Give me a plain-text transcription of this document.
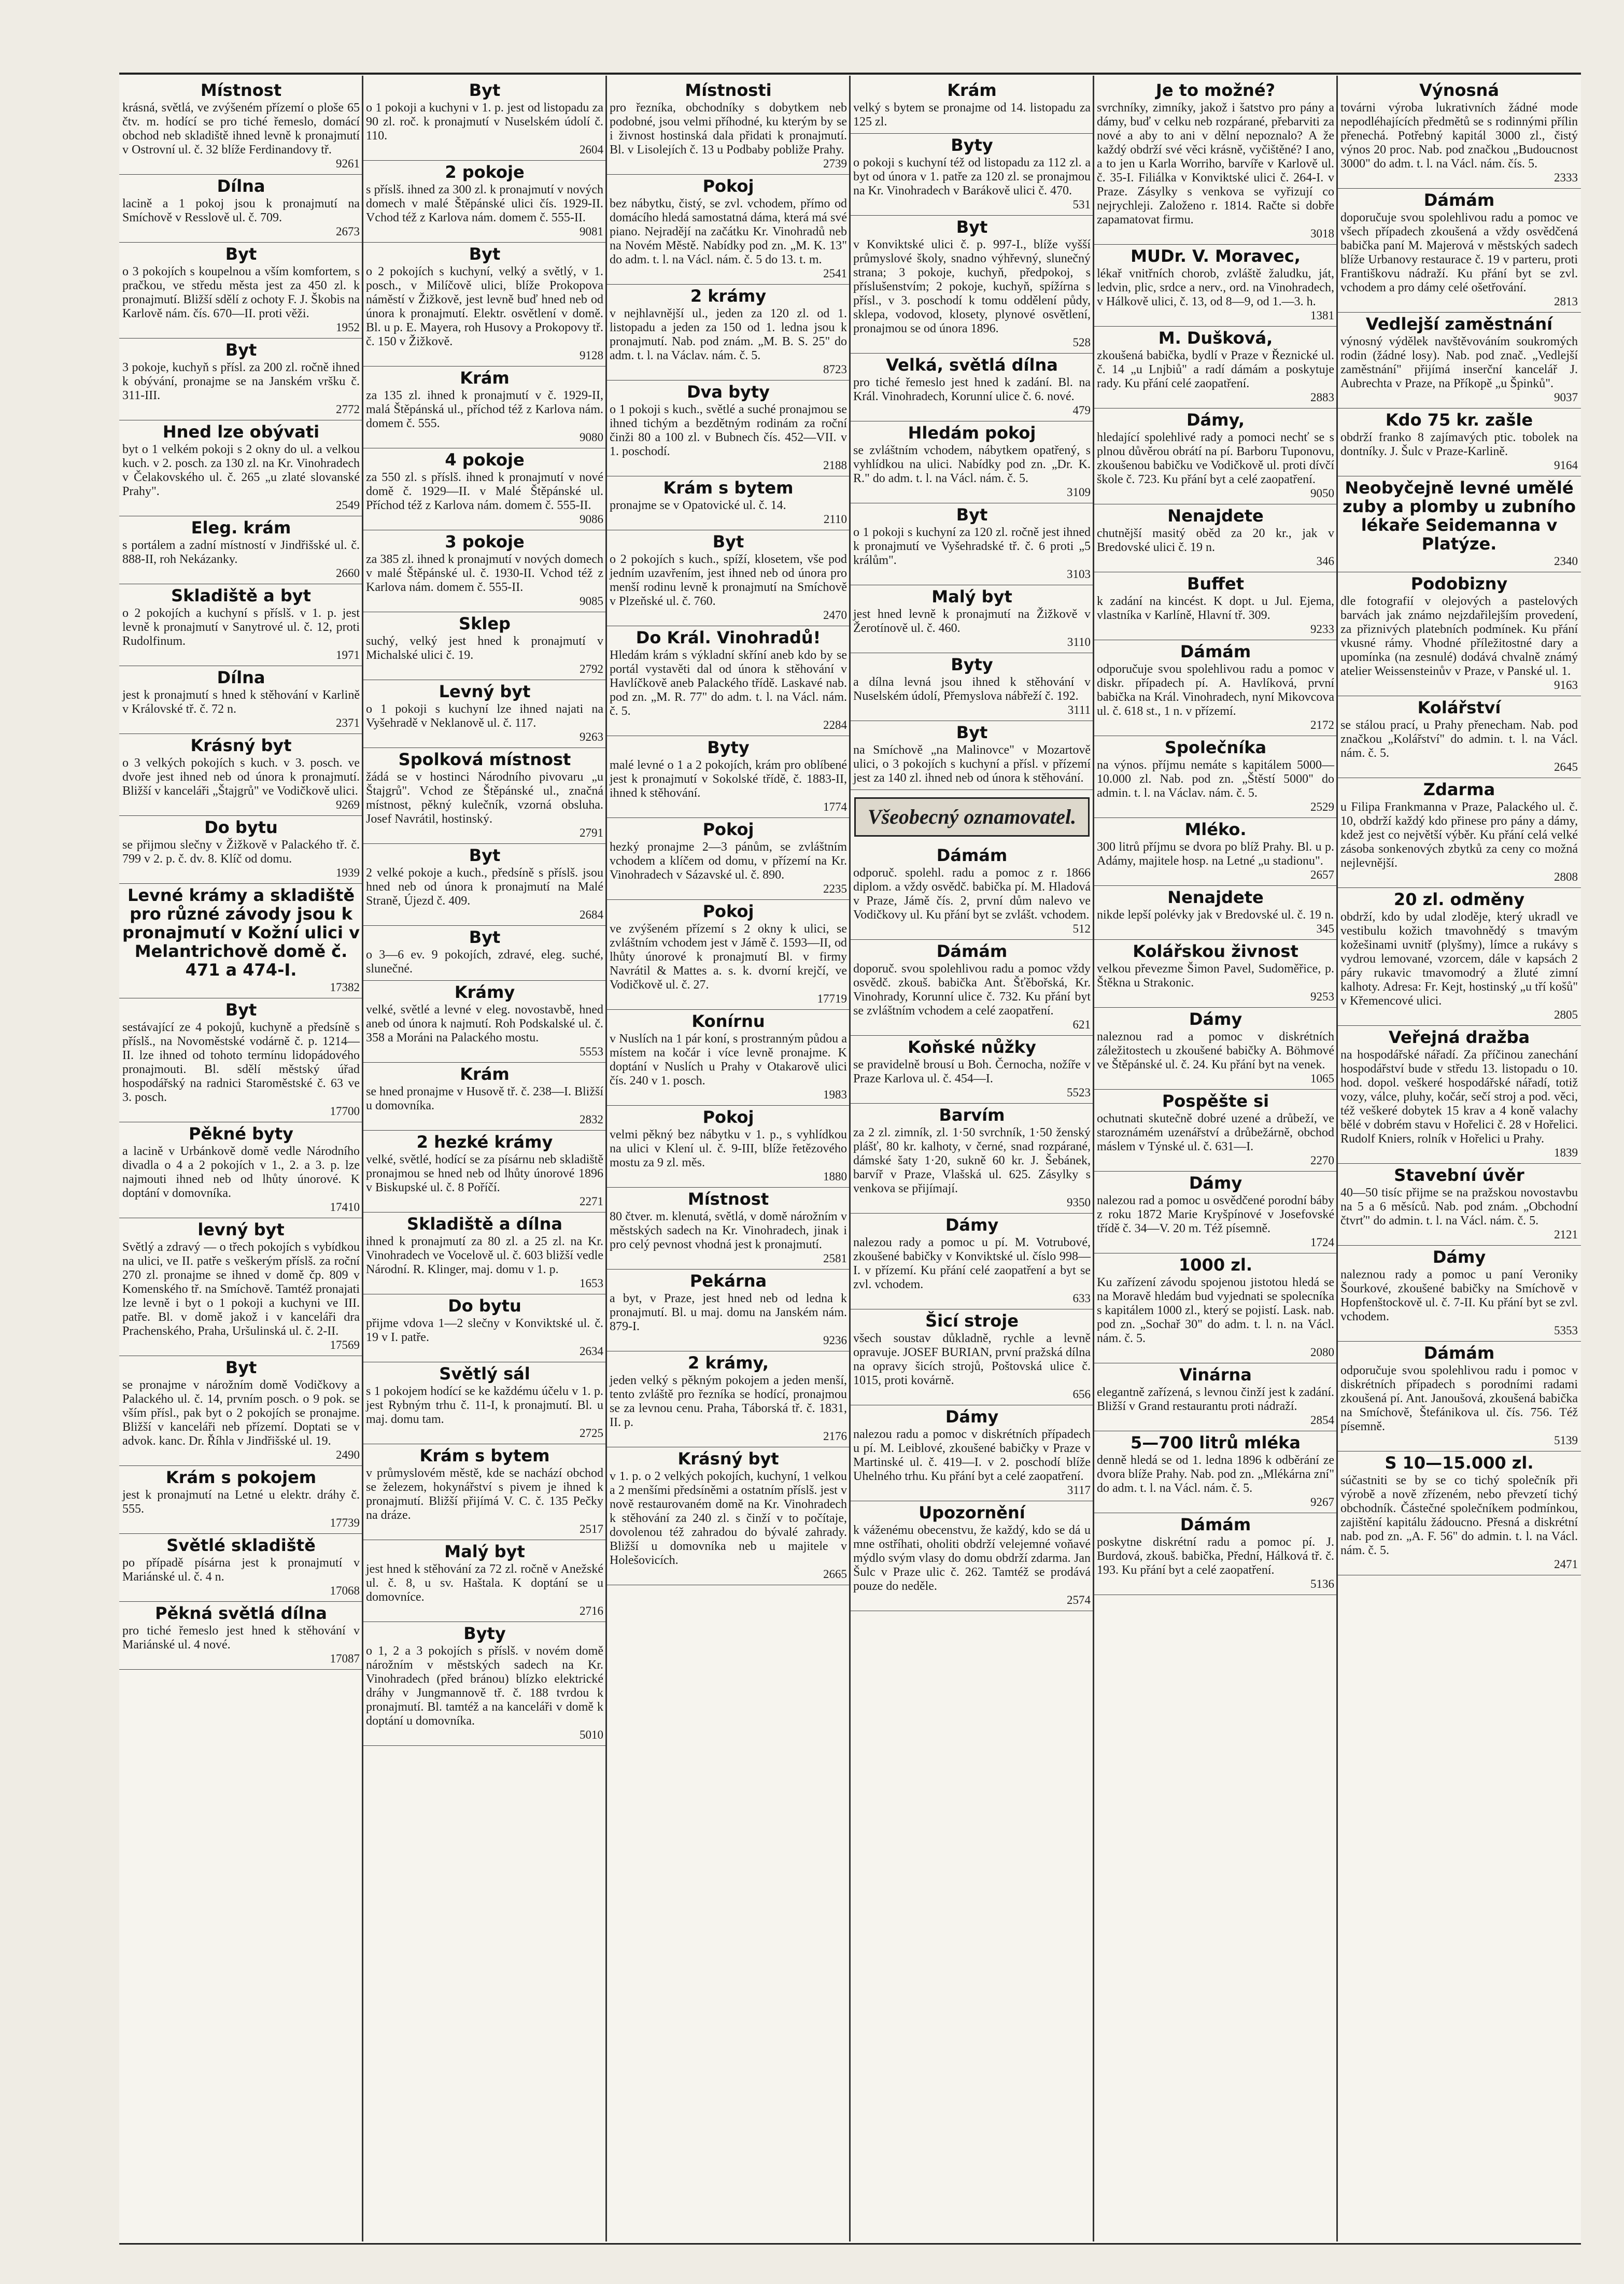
Místnost

krásná, světlá, ve zvýšeném přízemí o ploše 65 čtv. m. hodící se pro tiché řemeslo, domácí obchod neb skladiště ihned levně k pronajmutí v Ostrovní ul. č. 32 blíže Ferdinandovy tř.

9261
Dílna

lacině a 1 pokoj jsou k pronajmutí na Smíchově v Resslově ul. č. 709.

2673
Byt

o 3 pokojích s koupelnou a vším komfortem, s pračkou, ve středu města jest za 450 zl. k pronajmutí. Bližší sdělí z ochoty F. J. Škobis na Karlově nám. čís. 670—II. proti věži.

1952
Byt

3 pokoje, kuchyň s přísl. za 200 zl. ročně ihned k obývání, pronajme se na Janském vršku č. 311-III.

2772
Hned lze obývati

byt o 1 velkém pokoji s 2 okny do ul. a velkou kuch. v 2. posch. za 130 zl. na Kr. Vinohradech v Čelakovského ul. č. 265 „u zlaté slovanské Prahy".

2549
Eleg. krám

s portálem a zadní místností v Jindřišské ul. č. 888-II, roh Nekázanky.

2660
Skladiště a byt

o 2 pokojích a kuchyní s příslš. v 1. p. jest levně k pronajmutí v Sanytrové ul. č. 12, proti Rudolfinum.

1971
Dílna

jest k pronajmutí s hned k stěhování v Karlině v Královské tř. č. 72 n.

2371
Krásný byt

o 3 velkých pokojích s kuch. v 3. posch. ve dvoře jest ihned neb od února k pronajmutí. Bližší v kanceláři „Štajgrů" ve Vodičkově ulici.

9269
Do bytu

se přijmou slečny v Žižkově v Palackého tř. č. 799 v 2. p. č. dv. 8. Klíč od domu.

1939
Levné krámy a skladiště pro různé závody jsou k pronajmutí v Kožní ulici v Melantrichově domě č. 471 a 474-I.
17382
Byt

sestávající ze 4 pokojů, kuchyně a předsíně s příslš., na Novoměstské vodárně č. p. 1214—II. lze ihned od tohoto termínu lidopádového pronajmouti. Bl. sdělí městský úřad hospodářský na radnici Staroměstské č. 63 ve 3. posch.

17700
Pěkné byty

a lacině v Urbánkově domě vedle Národního divadla o 4 a 2 pokojích v 1., 2. a 3. p. lze najmouti ihned neb od lhůty únorové. K doptání v domovníka.

17410
levný byt

Světlý a zdravý — o třech pokojích s vybídkou na ulici, ve II. patře s veškerým příslš. za roční 270 zl. pronajme se ihned v domě čp. 809 v Komenského tř. na Smíchově. Tamtéž pronajati lze levně i byt o 1 pokoji a kuchyni ve III. patře. Bl. v domě jakož i v kanceláři dra Prachenského, Praha, Uršulinská ul. č. 2-II.

17569
Byt

se pronajme v nárožním domě Vodičkovy a Palackého ul. č. 14, prvním posch. o 9 pok. se vším přísl., pak byt o 2 pokojích se pronajme. Bližší v kanceláři neb přízemí. Doptati se v advok. kanc. Dr. Říhla v Jindřišské ul. 19.

2490
Krám s pokojem

jest k pronajmutí na Letné u elektr. dráhy č. 555.

17739
Světlé skladiště

po případě písárna jest k pronajmutí v Mariánské ul. č. 4 n.

17068
Pěkná světlá dílna

pro tiché řemeslo jest hned k stěhování v Mariánské ul. 4 nové.

17087
Byt

o 1 pokoji a kuchyni v 1. p. jest od listopadu za 90 zl. roč. k pronajmutí v Nuselském údolí č. 110.

2604
2 pokoje

s příslš. ihned za 300 zl. k pronajmutí v nových domech v malé Štěpánské ulici čís. 1929-II. Vchod též z Karlova nám. domem č. 555-II.

9081
Byt

o 2 pokojích s kuchyní, velký a světlý, v 1. posch., v Milíčově ulici, blíže Prokopova náměstí v Žižkově, jest levně buď hned neb od února k pronajmutí. Elektr. osvětlení v domě. Bl. u p. E. Mayera, roh Husovy a Prokopovy tř. č. 150 v Žižkově.

9128
Krám

za 135 zl. ihned k pronajmutí v č. 1929-II, malá Štěpánská ul., příchod též z Karlova nám. domem č. 555.

9080
4 pokoje

za 550 zl. s příslš. ihned k pronajmutí v nové domě č. 1929—II. v Malé Štěpánské ul. Příchod též z Karlova nám. domem č. 555-II.

9086
3 pokoje

za 385 zl. ihned k pronajmutí v nových domech v malé Štěpánské ul. č. 1930-II. Vchod též z Karlova nám. domem č. 555-II.

9085
Sklep

suchý, velký jest hned k pronajmutí v Michalské ulici č. 19.

2792
Levný byt

o 1 pokoji s kuchyní lze ihned najati na Vyšehradě v Neklanově ul. č. 117.

9263
Spolková místnost

žádá se v hostinci Národního pivovaru „u Štajgrů". Vchod ze Štěpánské ul., značná místnost, pěkný kulečník, vzorná obsluha. Josef Navrátil, hostinský.

2791
Byt

2 velké pokoje a kuch., předsíně s příslš. jsou hned neb od února k pronajmutí na Malé Straně, Újezd č. 409.

2684
Byt

o 3—6 ev. 9 pokojích, zdravé, eleg. suché, slunečné.

Krámy

velké, světlé a levné v eleg. novostavbě, hned aneb od února k najmutí. Roh Podskalské ul. č. 358 a Moráni na Palackého mostu.

5553
Krám

se hned pronajme v Husově tř. č. 238—I. Bližší u domovníka.

2832
2 hezké krámy

velké, světlé, hodící se za písárnu neb skladiště pronajmou se hned neb od lhůty únorové 1896 v Biskupské ul. č. 8 Poříčí.

2271
Skladiště a dílna

ihned k pronajmutí za 80 zl. a 25 zl. na Kr. Vinohradech ve Vocelově ul. č. 603 bližší vedle Národní. R. Klinger, maj. domu v 1. p.

1653
Do bytu

přijme vdova 1—2 slečny v Konviktské ul. č. 19 v I. patře.

2634
Světlý sál

s 1 pokojem hodící se ke každému účelu v 1. p. jest Rybným trhu č. 11-I, k pronajmutí. Bl. u maj. domu tam.

2725
Krám s bytem

v průmyslovém městě, kde se nachází obchod se železem, hokynářství s pivem je ihned k pronajmutí. Bližší přijímá V. C. č. 135 Pečky na dráze.

2517
Malý byt

jest hned k stěhování za 72 zl. ročně v Anežské ul. č. 8, u sv. Haštala. K doptání se u domovníce.

2716
Byty

o 1, 2 a 3 pokojích s příslš. v novém domě nárožním v městských sadech na Kr. Vinohradech (před bránou) blízko elektrické dráhy v Jungmannově tř. č. 188 tvrdou k pronajmutí. Bl. tamtéž a na kanceláři v domě k doptání u domovníka.

5010
Místnosti

pro řezníka, obchodníky s dobytkem neb podobné, jsou velmi příhodné, ku kterým by se i živnost hostinská dala přidati k pronajmutí. Bl. v Lisolejích č. 13 u Podbaby pobliže Prahy.

2739
Pokoj

bez nábytku, čistý, se zvl. vchodem, přímo od domácího hledá samostatná dáma, která má své piano. Nejradějí na začátku Kr. Vinohradů neb na Novém Městě. Nabídky pod zn. „M. K. 13" do adm. t. l. na Václ. nám. č. 5 do 13. t. m.

2541
2 krámy

v nejhlavnější ul., jeden za 120 zl. od 1. listopadu a jeden za 150 od 1. ledna jsou k pronajmutí. Nab. pod znám. „M. B. S. 25" do adm. t. l. na Václav. nám. č. 5.

8723
Dva byty

o 1 pokoji s kuch., světlé a suché pronajmou se ihned tichým a bezdětným rodinám za roční činži 80 a 100 zl. v Bubnech čís. 452—VII. v 1. poschodí.

2188
Krám s bytem

pronajme se v Opatovické ul. č. 14.

2110
Byt

o 2 pokojích s kuch., spíží, klosetem, vše pod jedním uzavřením, jest ihned neb od února pro menší rodinu levně k pronajmutí na Smíchově v Plzeňské ul. č. 760.

2470
Do Král. Vinohradů!

Hledám krám s výkladní skříní aneb kdo by se portál vystavěti dal od února k stěhování v Havlíčkově aneb Palackého třídě. Laskavé nab. pod zn. „M. R. 77" do adm. t. l. na Václ. nám. č. 5.

2284
Byty

malé levné o 1 a 2 pokojích, krám pro oblíbené jest k pronajmutí v Sokolské třídě, č. 1883-II, ihned k stěhování.

1774
Pokoj

hezký pronajme 2—3 pánům, se zvláštním vchodem a klíčem od domu, v přízemí na Kr. Vinohradech v Sázavské ul. č. 890.

2235
Pokoj

ve zvýšeném přízemí s 2 okny k ulici, se zvláštním vchodem jest v Jámě č. 1593—II, od lhůty únorové k pronajmutí Bl. v firmy Navrátil & Mattes a. s. k. dvorní krejčí, ve Vodičkově ul. č. 27.

17719
Konírnu

v Nuslích na 1 pár koní, s prostranným půdou a místem na kočár i více levně pronajme. K doptání v Nuslích u Prahy v Otakarově ulici čís. 240 v 1. posch.

1983
Pokoj

velmi pěkný bez nábytku v 1. p., s vyhlídkou na ulici v Klení ul. č. 9-III, blíže řetězového mostu za 9 zl. měs.

1880
Místnost

80 čtver. m. klenutá, světlá, v domě nárožním v městských sadech na Kr. Vinohradech, jinak i pro celý pevnost vhodná jest k pronajmutí.

2581
Pekárna

a byt, v Praze, jest hned neb od ledna k pronajmutí. Bl. u maj. domu na Janském nám. 879-I.

9236
2 krámy,

jeden velký s pěkným pokojem a jeden menší, tento zvláště pro řezníka se hodící, pronajmou se za levnou cenu. Praha, Táborská tř. č. 1831, II. p.

2176
Krásný byt

v 1. p. o 2 velkých pokojích, kuchyní, 1 velkou a 2 menšími předsíněmi a ostatním příslš. jest v nově restaurovaném domě na Kr. Vinohradech k stěhování za 240 zl. s činží v to počítaje, dovolenou též zahradou do bývalé zahrady. Bližší u domovníka neb u majitele v Holešovicích.

2665
Krám

velký s bytem se pronajme od 14. listopadu za 125 zl.

Byty

o pokoji s kuchyní též od listopadu za 112 zl. a byt od února v 1. patře za 120 zl. se pronajmou na Kr. Vinohradech v Barákově ulici č. 470.

531
Byt

v Konviktské ulici č. p. 997-I., blíže vyšší průmyslové školy, snadno výhřevný, slunečný strana; 3 pokoje, kuchyň, předpokoj, s příslušenstvím; 2 pokoje, kuchyň, spížírna s přísl., v 3. poschodí k tomu oddělení půdy, sklepa, vodovod, klosety, plynové osvětlení, pronajmou se od února 1896.

528
Velká, světlá dílna

pro tiché řemeslo jest hned k zadání. Bl. na Král. Vinohradech, Korunní ulice č. 6. nové.

479
Hledám pokoj

se zvláštním vchodem, nábytkem opatřený, s vyhlídkou na ulici. Nabídky pod zn. „Dr. K. R." do adm. t. l. na Václ. nám. č. 5.

3109
Byt

o 1 pokoji s kuchyní za 120 zl. ročně jest ihned k pronajmutí ve Vyšehradské tř. č. 6 proti „5 králům".

3103
Malý byt

jest hned levně k pronajmutí na Žižkově v Žerotínově ul. č. 460.

3110
Byty

a dílna levná jsou ihned k stěhování v Nuselském údolí, Přemyslova nábřeží č. 192.

3111
Byt

na Smíchově „na Malinovce" v Mozartově ulici, o 3 pokojích s kuchyní a přísl. v přízemí jest za 140 zl. ihned neb od února k stěhování.

Všeobecný oznamovatel.
Dámám

odporuč. spolehl. radu a pomoc z r. 1866 diplom. a vždy osvědč. babička pí. M. Hladová v Praze, Jámě čís. 2, první dům nalevo ve Vodičkovy ul. Ku přání byt se zvlášt. vchodem.

512
Dámám

doporuč. svou spolehlivou radu a pomoc vždy osvědč. zkouš. babička Ant. Šťěbořská, Kr. Vinohrady, Korunní ulice č. 732. Ku přání byt se zvláštním vchodem a celé zaopatření.

621
Koňské nůžky

se pravidelně brousí u Boh. Černocha, nožíře v Praze Karlova ul. č. 454—I.

5523
Barvím

za 2 zl. zimník, zl. 1·50 svrchník, 1·50 ženský plášť, 80 kr. kalhoty, v černé, snad rozpárané, dámské šaty 1·20, sukně 60 kr. J. Šebánek, barvíř v Praze, Vlašská ul. 625. Zásylky s venkova se přijímají.

9350
Dámy

nalezou rady a pomoc u pí. M. Votrubové, zkoušené babičky v Konviktské ul. číslo 998—I. v přízemí. Ku přání celé zaopatření a byt se zvl. vchodem.

633
Šicí stroje

všech soustav důkladně, rychle a levně opravuje. JOSEF BURIAN, první pražská dílna na opravy šicích strojů, Poštovská ulice č. 1015, proti kovárně.

656
Dámy

nalezou radu a pomoc v diskrétních případech u pí. M. Leiblové, zkoušené babičky v Praze v Martinské ul. č. 419—I. v 2. poschodí blíže Uhelného trhu. Ku přání byt a celé zaopatření.

3117
Upozornění

k váženému obecenstvu, že každý, kdo se dá u mne ostříhati, oholiti obdrží velejemné voňavé mýdlo svým vlasy do domu obdrží zdarma. Jan Šulc v Praze ulic č. 262. Tamtéž se prodává pouze do neděle.

2574
Je to možné?

svrchníky, zimníky, jakož i šatstvo pro pány a dámy, buď v celku neb rozpárané, přebarviti za nové a aby to ani v dělní nepoznalo? A že každý obdrží své věci krásně, vyčištěné? I ano, a to jen u Karla Worriho, barvíře v Karlově ul. č. 35-I. Filiálka v Konviktské ulici č. 264-I. v Praze. Zásylky s venkova se vyřizují co nejrychleji. Založeno r. 1814. Račte si dobře zapamatovat firmu.

3018
MUDr. V. Moravec,

lékař vnitřních chorob, zvláště žaludku, ját, ledvin, plic, srdce a nerv., ord. na Vinohradech, v Hálkově ulici, č. 13, od 8—9, od 1.—3. h.

1381
M. Dušková,

zkoušená babička, bydlí v Praze v Řeznické ul. č. 14 „u Lnjbiů" a radí dámám a poskytuje rady. Ku přání celé zaopatření.

2883
Dámy,

hledající spolehlivé rady a pomoci nechť se s plnou důvěrou obrátí na pí. Barboru Tuponovu, zkoušenou babičku ve Vodičkově ul. proti dívčí škole č. 723. Ku přání byt a celé zaopatření.

9050
Nenajdete

chutnější masitý oběd za 20 kr., jak v Bredovské ulici č. 19 n.

346
Buffet

k zadání na kincést. K dopt. u Jul. Ejema, vlastníka v Karlíně, Hlavní tř. 309.

9233
Dámám

odporučuje svou spolehlivou radu a pomoc v diskr. případech pí. A. Havlíková, první babička na Král. Vinohradech, nyní Mikovcova ul. č. 618 st., 1 n. v přízemí.

2172
Společníka

na výnos. příjmu nemáte s kapitálem 5000—10.000 zl. Nab. pod zn. „Štěstí 5000" do admin. t. l. na Václav. nám. č. 5.

2529
Mléko.

300 litrů příjmu se dvora po blíž Prahy. Bl. u p. Adámy, majitele hosp. na Letné „u stadionu".

2657
Nenajdete

nikde lepší polévky jak v Bredovské ul. č. 19 n.

345
Kolářskou živnost

velkou převezme Šimon Pavel, Sudoměřice, p. Štěkna u Strakonic.

9253
Dámy

naleznou rad a pomoc v diskrétních záležitostech u zkoušené babičky A. Böhmové ve Štěpánské ul. č. 24. Ku přání byt na venek.

1065
Pospěšte si

ochutnati skutečně dobré uzené a drůbeží, ve staroznámém uzenářství a drůbežárně, obchod máslem v Týnské ul. č. 631—I.

2270
Dámy

nalezou rad a pomoc u osvědčené porodní báby z roku 1872 Marie Kryšpínové v Josefovské třídě č. 34—V. 20 m. Též písemně.

1724
1000 zl.

Ku zařízení závodu spojenou jistotou hledá se na Moravě hledám bud vyjednati se spolecníka s kapitálem 1000 zl., který se pojistí. Lask. nab. pod zn. „Sochař 30" do adm. t. l. n. na Václ. nám. č. 5.

2080
Vinárna

elegantně zařízená, s levnou činží jest k zadání. Bližší v Grand restaurantu proti nádraží.

2854
5—700 litrů mléka

denně hledá se od 1. ledna 1896 k odběrání ze dvora blíže Prahy. Nab. pod zn. „Mlékárna zní" do adm. t. l. na Václ. nám. č. 5.

9267
Dámám

poskytne diskrétní radu a pomoc pí. J. Burdová, zkouš. babička, Přední, Hálková tř. č. 193. Ku přání byt a celé zaopatření.

5136
Výnosná

továrni výroba lukrativních žádné mode nepodléhajících předmětů se s rodinnými přílin přenechá. Potřebný kapitál 3000 zl., čistý výnos 20 proc. Nab. pod značkou „Budoucnost 3000" do adm. t. l. na Václ. nám. čís. 5.

2333
Dámám

doporučuje svou spolehlivou radu a pomoc ve všech případech zkoušená a vždy osvědčená babička paní M. Majerová v městských sadech blíže Urbanovy restaurace č. 19 v parteru, proti Františkovu nádraží. Ku přání byt se zvl. vchodem a pro dámy celé ošetřování.

2813
Vedlejší zaměstnání

výnosný výdělek navštěvováním soukromých rodin (žádné losy). Nab. pod znač. „Vedlejší zaměstnání" přijímá inserční kancelář J. Aubrechta v Praze, na Příkopě „u Špinků".

9037
Kdo 75 kr. zašle

obdrží franko 8 zajímavých ptic. tobolek na dontníky. J. Šulc v Praze-Karlině.

9164
Neobyčejně levné umělé zuby a plomby u zubního lékaře Seidemanna v Platýze.
2340
Podobizny

dle fotografií v olejových a pastelových barvách jak známo nejzdařilejším provedení, za přiznivých platebních podmínek. Ku přání vkusné rámy. Vhodné příležitostné dary a upomínka (na zesnulé) dodává chvalně známý atelier Weissensteinův v Praze, v Panské ul. 1.

9163
Kolářství

se stálou prací, u Prahy přenecham. Nab. pod značkou „Kolářství" do admin. t. l. na Václ. nám. č. 5.

2645
Zdarma

u Filipa Frankmanna v Praze, Palackého ul. č. 10, obdrží každý kdo přinese pro pány a dámy, kdež jest co největší výběr. Ku přání celá velké zásoba sonkenových zbytků za ceny co možná nejlevnější.

2808
20 zl. odměny

obdrží, kdo by udal zloděje, který ukradl ve vestibulu kožich tmavohnědý s tmavým kožešinami uvnitř (plyšmy), límce a rukávy s vydrou lemované, vzorcem, dále v kapsách 2 páry rukavic tmavomodrý a žluté zimní kalhoty. Adresa: Fr. Kejt, hostinský „u tří košů" v Křemencové ulici.

2805
Veřejná dražba

na hospodářské nářadí. Za příčinou zanechání hospodářství bude v středu 13. listopadu o 10. hod. dopol. veškeré hospodářské nářadí, totiž vozy, válce, pluhy, kočár, sečí stroj a pod. věci, též veškeré dobytek 15 krav a 4 koně valachy bělé v dobrém stavu v Hořelici č. 28 v Hořelici. Rudolf Kniers, rolník v Hořelici u Prahy.

1839
Stavební úvěr

40—50 tisíc přijme se na pražskou novostavbu na 5 a 6 měsíců. Nab. pod znám. „Obchodní čtvrť" do admin. t. l. na Václ. nám. č. 5.

2121
Dámy

naleznou rady a pomoc u paní Veroniky Šourkové, zkoušené babičky na Smíchově v Hopfenštockově ul. č. 7-II. Ku přání byt se zvl. vchodem.

5353
Dámám

odporučuje svou spolehlivou radu i pomoc v diskrétních případech s porodními radami zkoušená pí. Ant. Janoušová, zkoušená babička na Smíchově, Štefánikova ul. čís. 756. Též písemně.

5139
S 10—15.000 zl.

súčastniti se by se co tichý společník při výrobě a nově zřízeném, nebo převzetí tichý obchodník. Částečné společníkem podmínkou, zajištění kapitálu žádoucno. Přesná a diskrétní nab. pod zn. „A. F. 56" do admin. t. l. na Václ. nám. č. 5.

2471
